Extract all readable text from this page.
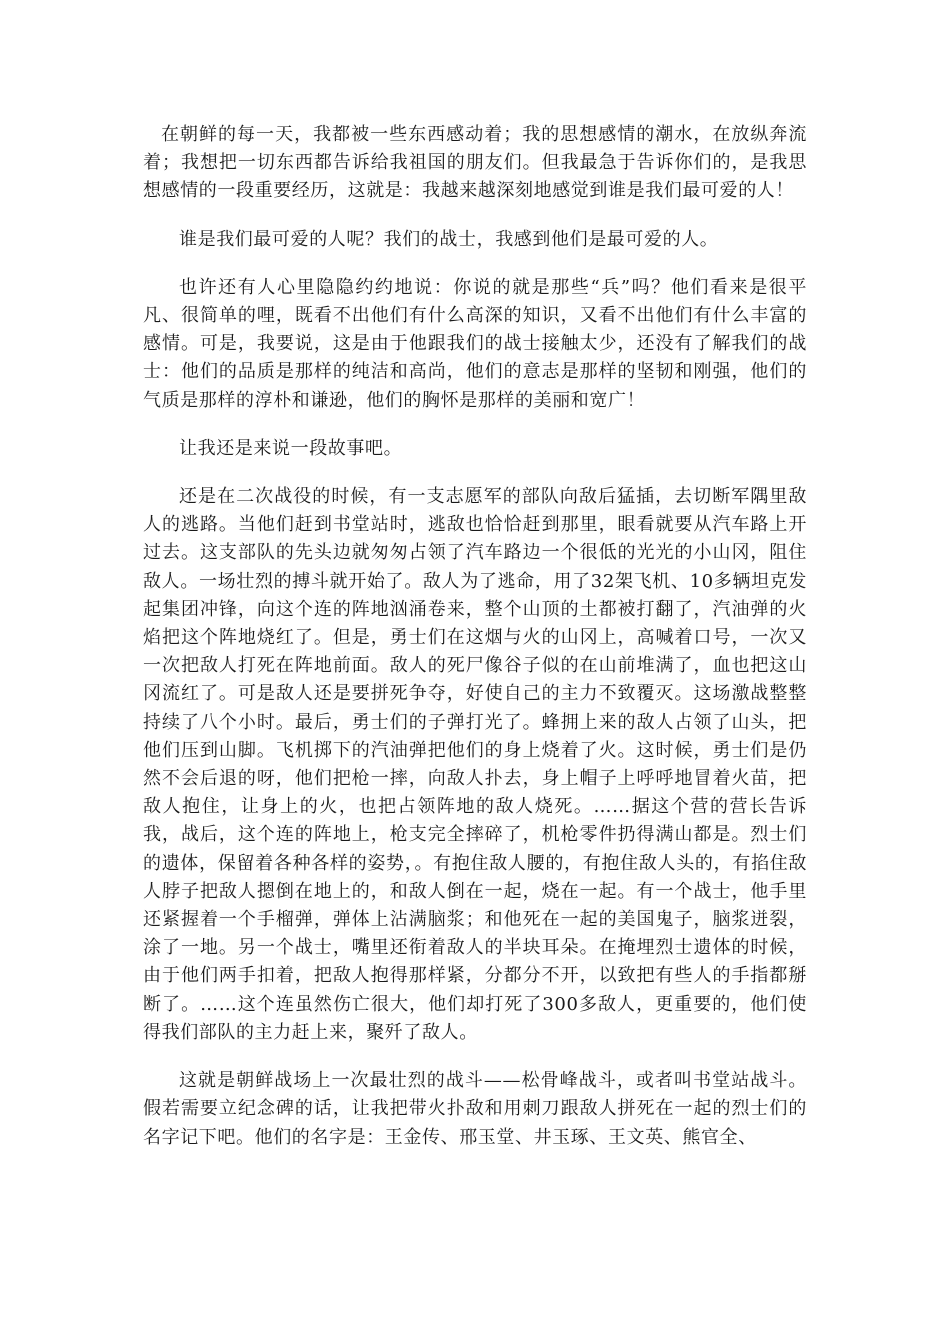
在朝鲜的每一天，我都被一些东西感动着；我的思想感情的潮水，在放纵奔流着；我想把一切东西都告诉给我祖国的朋友们。但我最急于告诉你们的，是我思想感情的一段重要经历，这就是：我越来越深刻地感觉到谁是我们最可爱的人！

谁是我们最可爱的人呢？我们的战士，我感到他们是最可爱的人。

也许还有人心里隐隐约约地说：你说的就是那些“兵”吗？他们看来是很平凡、很简单的哩，既看不出他们有什么高深的知识，又看不出他们有什么丰富的感情。可是，我要说，这是由于他跟我们的战士接触太少，还没有了解我们的战士：他们的品质是那样的纯洁和高尚，他们的意志是那样的坚韧和刚强，他们的气质是那样的淳朴和谦逊，他们的胸怀是那样的美丽和宽广！

让我还是来说一段故事吧。

还是在二次战役的时候，有一支志愿军的部队向敌后猛插，去切断军隅里敌人的逃路。当他们赶到书堂站时，逃敌也恰恰赶到那里，眼看就要从汽车路上开过去。这支部队的先头边就匆匆占领了汽车路边一个很低的光光的小山冈，阻住敌人。一场壮烈的搏斗就开始了。敌人为了逃命，用了32架飞机、10多辆坦克发起集团冲锋，向这个连的阵地汹涌卷来，整个山顶的土都被打翻了，汽油弹的火焰把这个阵地烧红了。但是，勇士们在这烟与火的山冈上，高喊着口号，一次又一次把敌人打死在阵地前面。敌人的死尸像谷子似的在山前堆满了，血也把这山冈流红了。可是敌人还是要拼死争夺，好使自己的主力不致覆灭。这场激战整整持续了八个小时。最后，勇士们的子弹打光了。蜂拥上来的敌人占领了山头，把他们压到山脚。飞机掷下的汽油弹把他们的身上烧着了火。这时候，勇士们是仍然不会后退的呀，他们把枪一摔，向敌人扑去，身上帽子上呼呼地冒着火苗，把敌人抱住，让身上的火，也把占领阵地的敌人烧死。……据这个营的营长告诉我，战后，这个连的阵地上，枪支完全摔碎了，机枪零件扔得满山都是。烈士们的遗体，保留着各种各样的姿势，。有抱住敌人腰的，有抱住敌人头的，有掐住敌人脖子把敌人摁倒在地上的，和敌人倒在一起，烧在一起。有一个战士，他手里还紧握着一个手榴弹，弹体上沾满脑浆；和他死在一起的美国鬼子，脑浆迸裂，涂了一地。另一个战士，嘴里还衔着敌人的半块耳朵。在掩埋烈士遗体的时候，由于他们两手扣着，把敌人抱得那样紧，分都分不开，以致把有些人的手指都掰断了。……这个连虽然伤亡很大，他们却打死了300多敌人，更重要的，他们使得我们部队的主力赶上来，聚歼了敌人。

这就是朝鲜战场上一次最壮烈的战斗——松骨峰战斗，或者叫书堂站战斗。假若需要立纪念碑的话，让我把带火扑敌和用刺刀跟敌人拼死在一起的烈士们的名字记下吧。他们的名字是：王金传、邢玉堂、井玉琢、王文英、熊官全、
